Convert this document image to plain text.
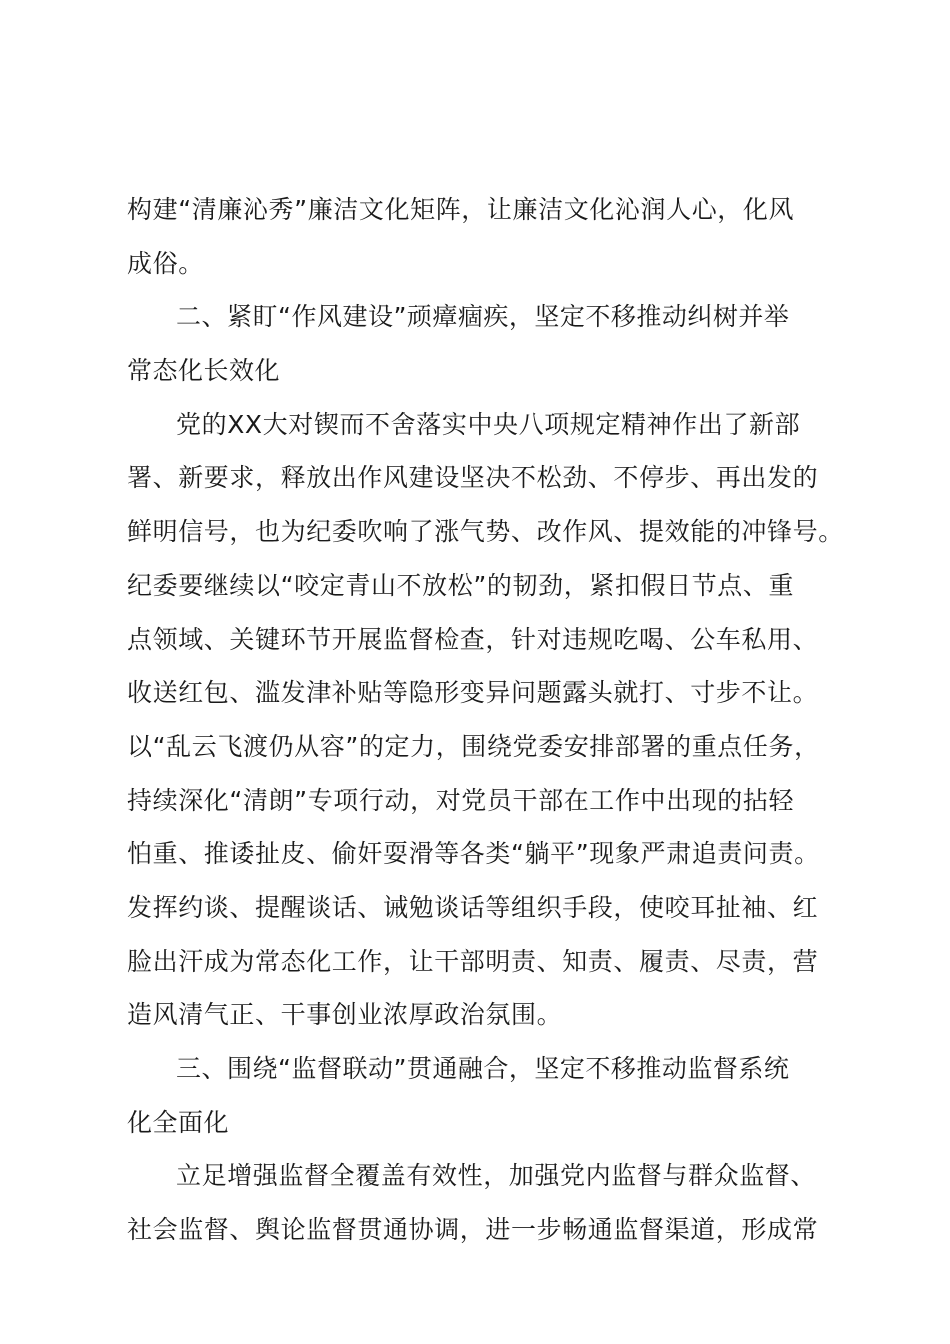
构建“清廉沁秀”廉洁文化矩阵，让廉洁文化沁润人心，化风
成俗。
二、紧盯“作风建设”顽瘴痼疾，坚定不移推动纠树并举
常态化长效化
党的XX大对锲而不舍落实中央八项规定精神作出了新部
署、新要求，释放出作风建设坚决不松劲、不停步、再出发的
鲜明信号，也为纪委吹响了涨气势、改作风、提效能的冲锋号。
纪委要继续以“咬定青山不放松”的韧劲，紧扣假日节点、重
点领域、关键环节开展监督检查，针对违规吃喝、公车私用、
收送红包、滥发津补贴等隐形变异问题露头就打、寸步不让。
以“乱云飞渡仍从容”的定力，围绕党委安排部署的重点任务，
持续深化“清朗”专项行动，对党员干部在工作中出现的拈轻
怕重、推诿扯皮、偷奸耍滑等各类“躺平”现象严肃追责问责。
发挥约谈、提醒谈话、诫勉谈话等组织手段，使咬耳扯袖、红
脸出汗成为常态化工作，让干部明责、知责、履责、尽责，营
造风清气正、干事创业浓厚政治氛围。
三、围绕“监督联动”贯通融合，坚定不移推动监督系统
化全面化
立足增强监督全覆盖有效性，加强党内监督与群众监督、
社会监督、舆论监督贯通协调，进一步畅通监督渠道，形成常
